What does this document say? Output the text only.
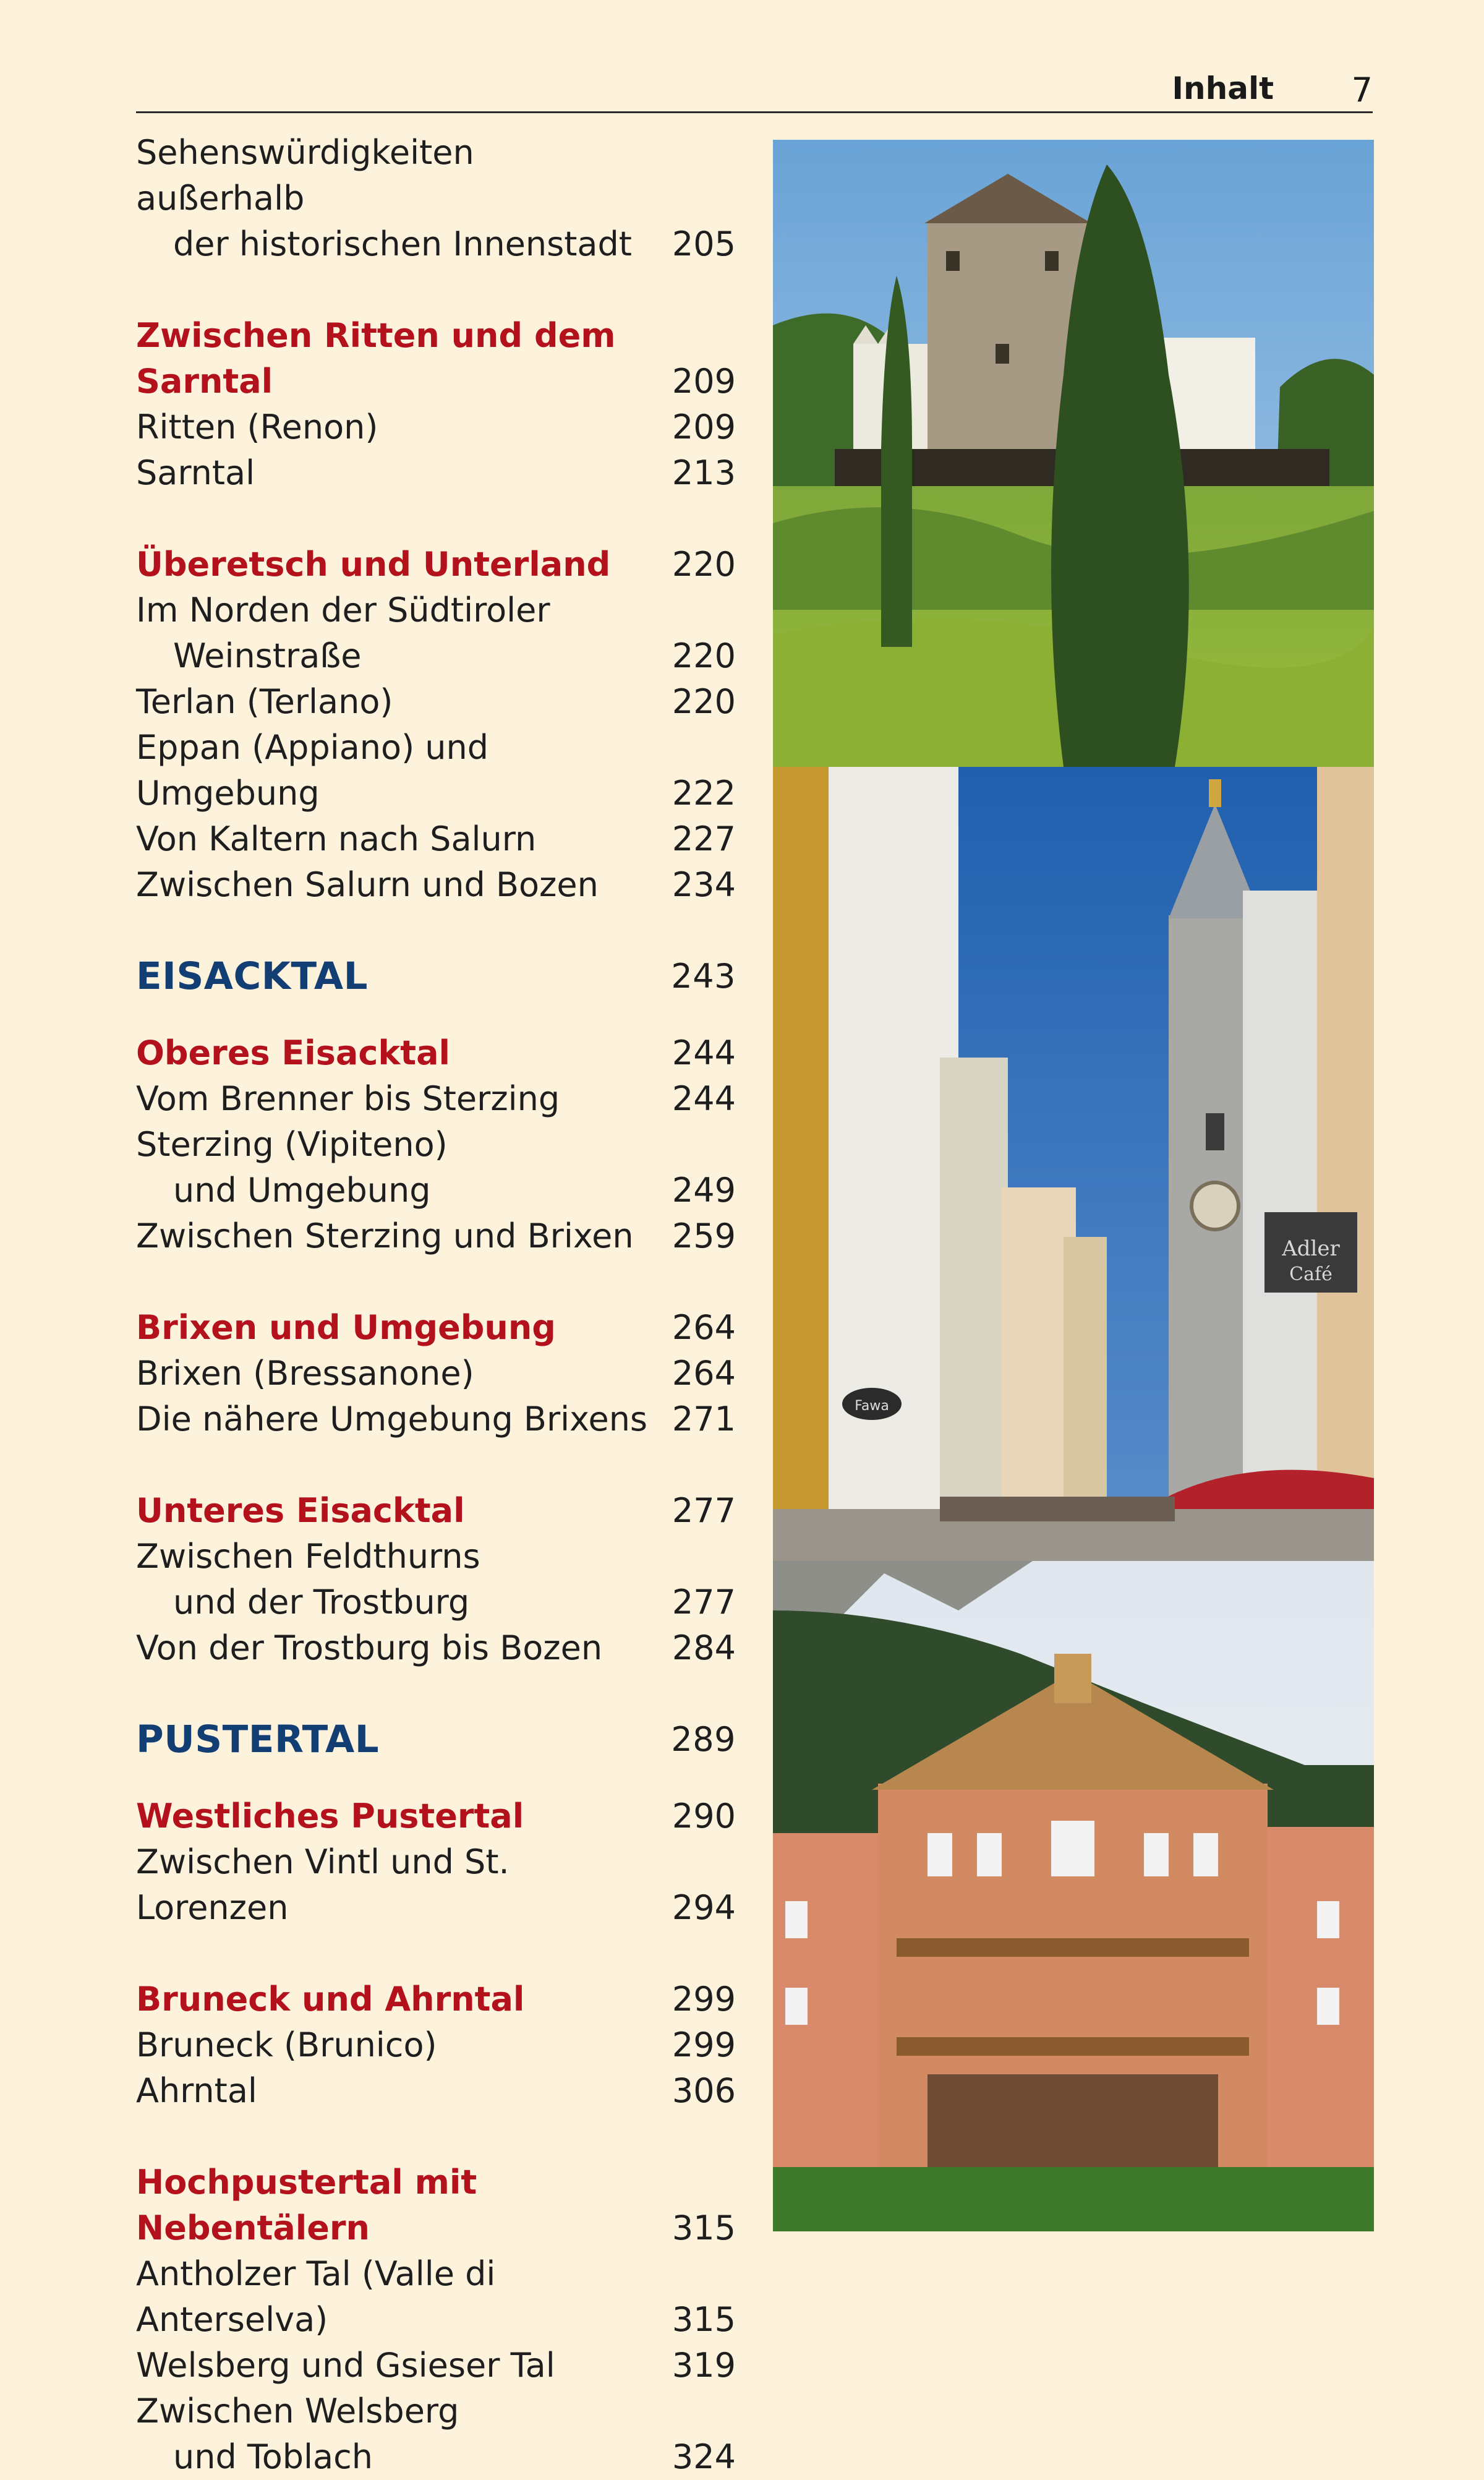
Inhalt 7
Sehenswürdigkeiten außerhalb
der historischen Innenstadt	205
Zwischen Ritten und dem Sarntal	209
Ritten (Renon)	209
Sarntal	213
Überetsch und Unterland	220
Im Norden der Südtiroler
Weinstraße	220
Terlan (Terlano)	220
Eppan (Appiano) und Umgebung	222
Von Kaltern nach Salurn	227
Zwischen Salurn und Bozen	234
EISACKTAL	243
Oberes Eisacktal	244
Vom Brenner bis Sterzing	244
Sterzing (Vipiteno)
und Umgebung	249
Zwischen Sterzing und Brixen	259
Brixen und Umgebung	264
Brixen (Bressanone)	264
Die nähere Umgebung Brixens 271
Unteres Eisacktal	277
Zwischen Feldthurns
und der Trostburg	277
Von der Trostburg bis Bozen	284
PUSTERTAL	289
Westliches Pustertal	290
Zwischen Vintl und St. Lorenzen	294
Bruneck und Ahrntal	299
Bruneck (Brunico)	299
Ahrntal	306
Hochpustertal mit Nebentälern	315
Antholzer Tal (Valle di Anterselva)	315
Welsberg und Gsieser Tal	319
Zwischen Welsberg
und Toblach	324
Adler
Café
Fawa
